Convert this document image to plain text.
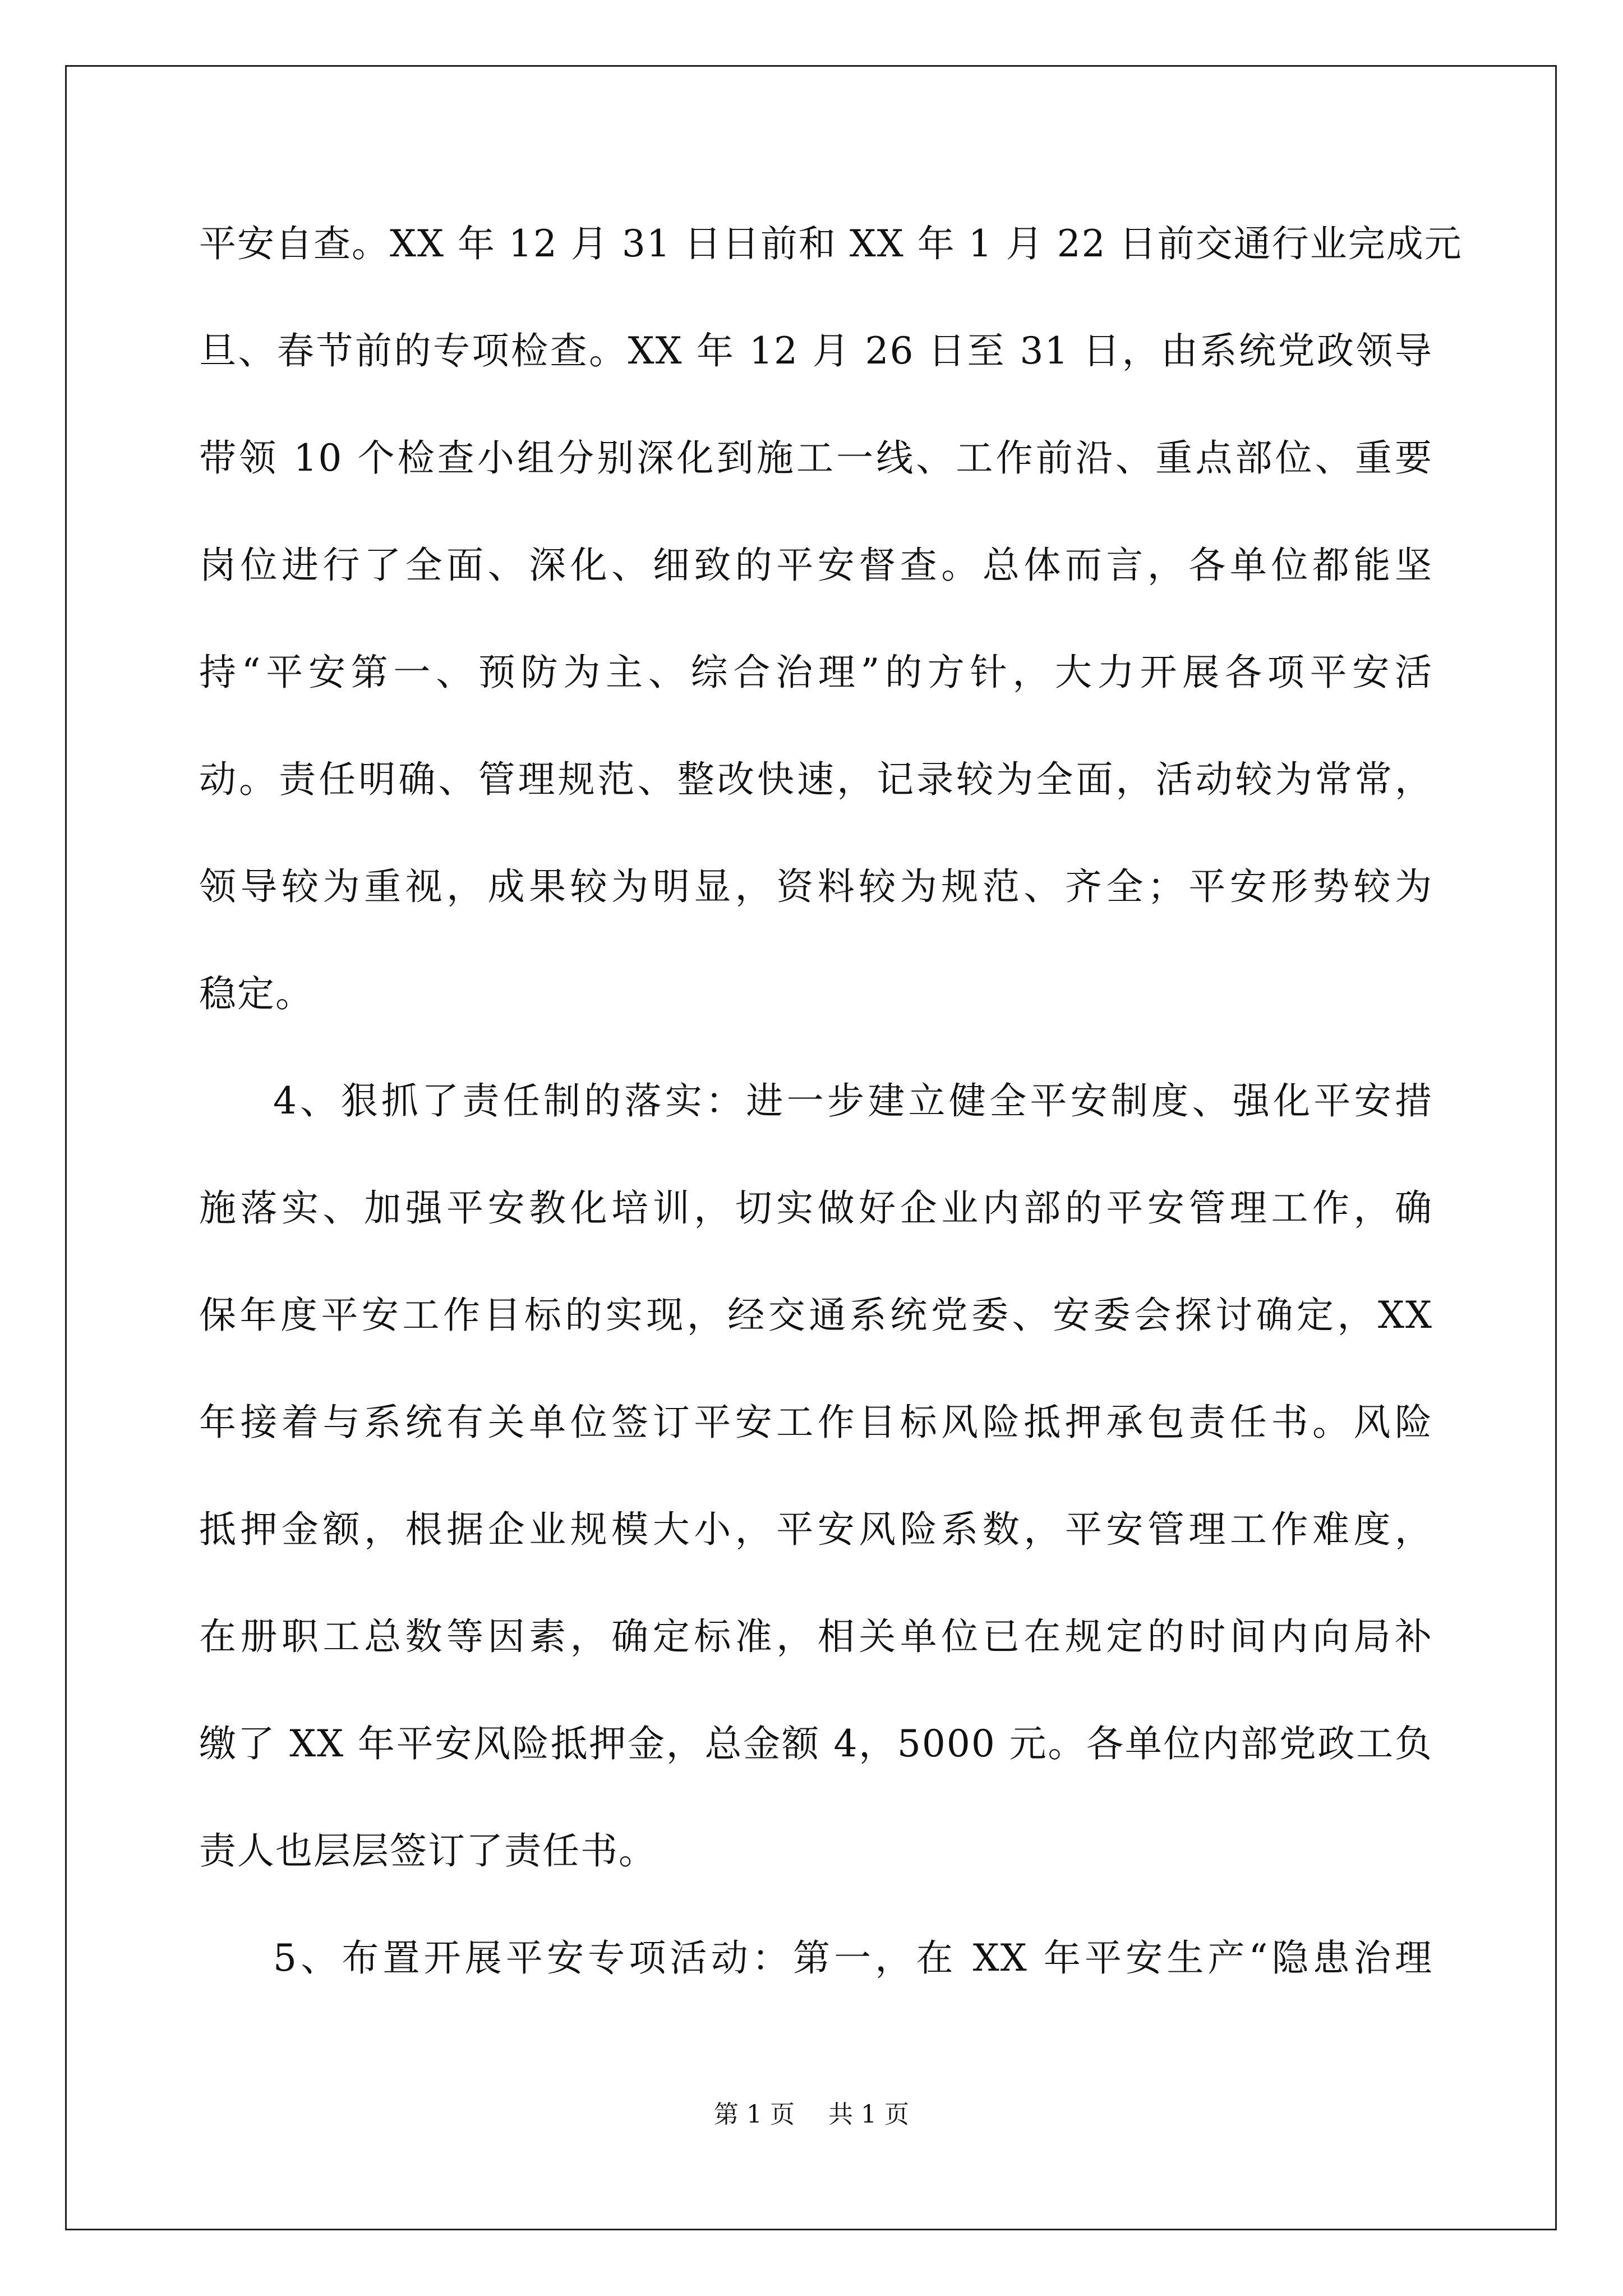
平安自查。XX 年 12 月 31 日日前和 XX 年 1 月 22 日前交通行业完成元
旦、春节前的专项检查。XX 年 12 月 26 日至 31 日，由系统党政领导
带领 10 个检查小组分别深化到施工一线、工作前沿、重点部位、重要
岗位进行了全面、深化、细致的平安督查。总体而言，各单位都能坚
持“平安第一、预防为主、综合治理”的方针，大力开展各项平安活
动。责任明确、管理规范、整改快速，记录较为全面，活动较为常常，
领导较为重视，成果较为明显，资料较为规范、齐全；平安形势较为
稳定。
4、狠抓了责任制的落实：进一步建立健全平安制度、强化平安措
施落实、加强平安教化培训，切实做好企业内部的平安管理工作，确
保年度平安工作目标的实现，经交通系统党委、安委会探讨确定，XX
年接着与系统有关单位签订平安工作目标风险抵押承包责任书。风险
抵押金额，根据企业规模大小，平安风险系数，平安管理工作难度，
在册职工总数等因素，确定标准，相关单位已在规定的时间内向局补
缴了 XX 年平安风险抵押金，总金额 4，5000 元。各单位内部党政工负
责人也层层签订了责任书。
5、布置开展平安专项活动：第一，在 XX 年平安生产“隐患治理
第 1 页 共 1 页
